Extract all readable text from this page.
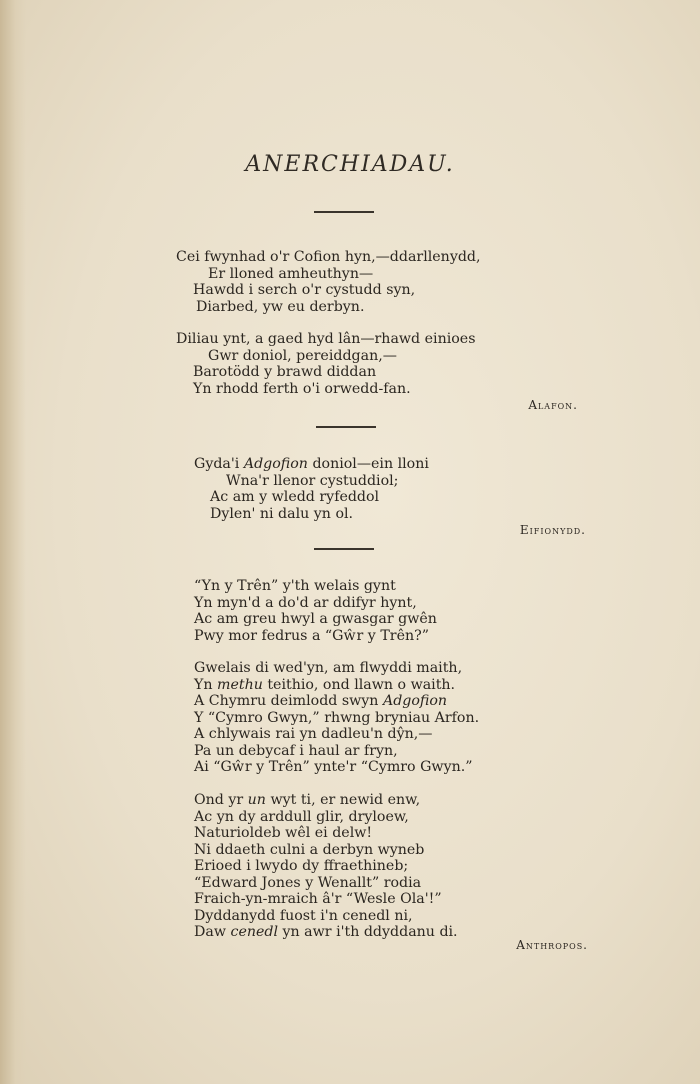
ANERCHIADAU.
Cei fwynhad o'r Cofion hyn,—ddarllenydd,
Er lloned amheuthyn—
Hawdd i serch o'r cystudd syn,
Diarbed, yw eu derbyn.
Diliau ynt, a gaed hyd lân—rhawd einioes
Gwr doniol, pereiddgan,—
Barotödd y brawd diddan
Yn rhodd ferth o'i orwedd-fan.
Alafon.
Gyda'i Adgofion doniol—ein lloni
Wna'r llenor cystuddiol;
Ac am y wledd ryfeddol
Dylen' ni dalu yn ol.
Eifionydd.
“Yn y Trên” y'th welais gynt
Yn myn'd a do'd ar ddifyr hynt,
Ac am greu hwyl a gwasgar gwên
Pwy mor fedrus a “Gŵr y Trên?”
Gwelais di wed'yn, am flwyddi maith,
Yn methu teithio, ond llawn o waith.
A Chymru deimlodd swyn Adgofion
Y “Cymro Gwyn,” rhwng bryniau Arfon.
A chlywais rai yn dadleu'n dŷn,—
Pa un debycaf i haul ar fryn,
Ai “Gŵr y Trên” ynte'r “Cymro Gwyn.”
Ond yr un wyt ti, er newid enw,
Ac yn dy arddull glir, dryloew,
Naturioldeb wêl ei delw!
Ni ddaeth culni a derbyn wyneb
Erioed i lwydo dy ffraethineb;
“Edward Jones y Wenallt” rodia
Fraich-yn-mraich â'r “Wesle Ola'!”
Dyddanydd fuost i'n cenedl ni,
Daw cenedl yn awr i'th ddyddanu di.
Anthropos.
